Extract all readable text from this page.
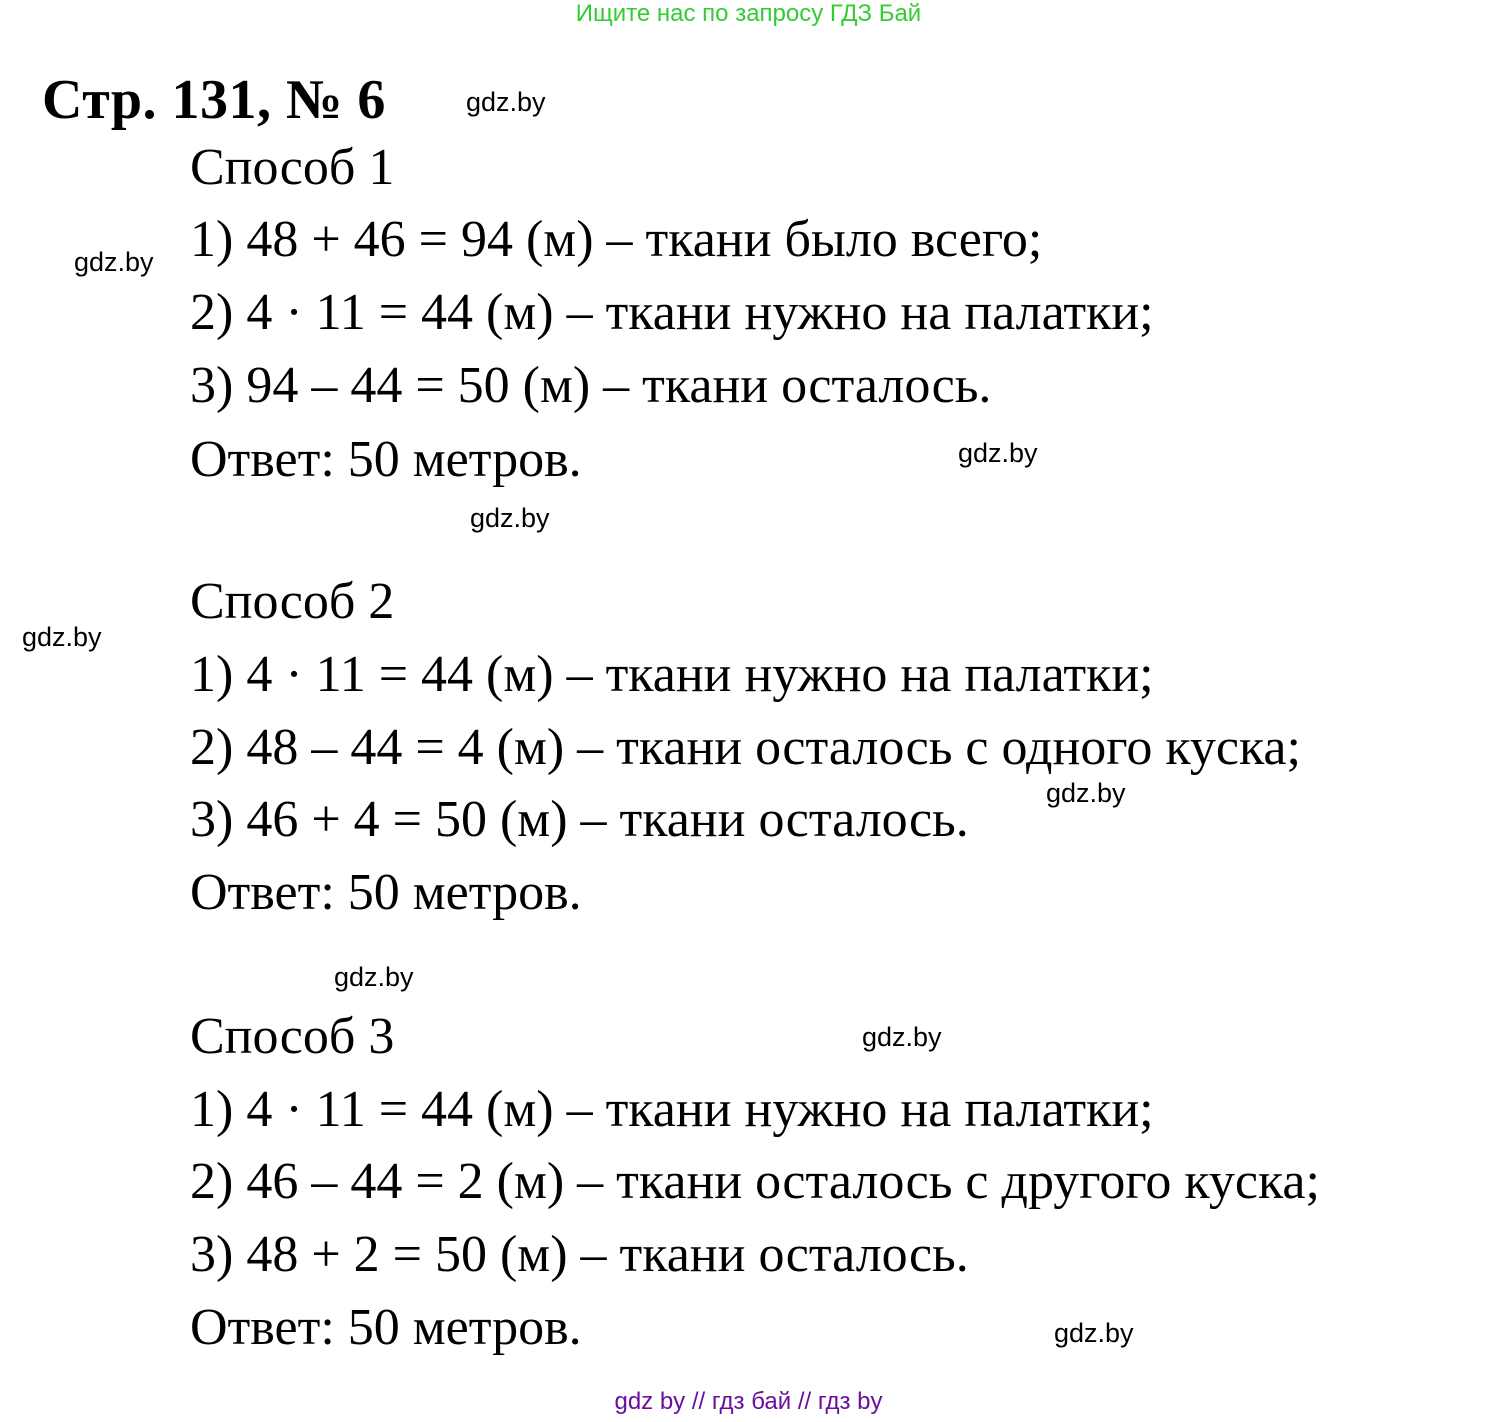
Ищите нас по запросу ГДЗ Бай
Стр. 131, № 6
Способ 1
1) 48 + 46 = 94 (м) – ткани было всего;
2) 4 · 11 = 44 (м) – ткани нужно на палатки;
3) 94 – 44 = 50 (м) – ткани осталось.
Ответ: 50 метров.
Способ 2
1) 4 · 11 = 44 (м) – ткани нужно на палатки;
2) 48 – 44 = 4 (м) – ткани осталось с одного куска;
3) 46 + 4 = 50 (м) – ткани осталось.
Ответ: 50 метров.
Способ 3
1) 4 · 11 = 44 (м) – ткани нужно на палатки;
2) 46 – 44 = 2 (м) – ткани осталось с другого куска;
3) 48 + 2 = 50 (м) – ткани осталось.
Ответ: 50 метров.
gdz.by
gdz.by
gdz.by
gdz.by
gdz.by
gdz.by
gdz.by
gdz.by
gdz.by
gdz by // гдз бай // гдз by
